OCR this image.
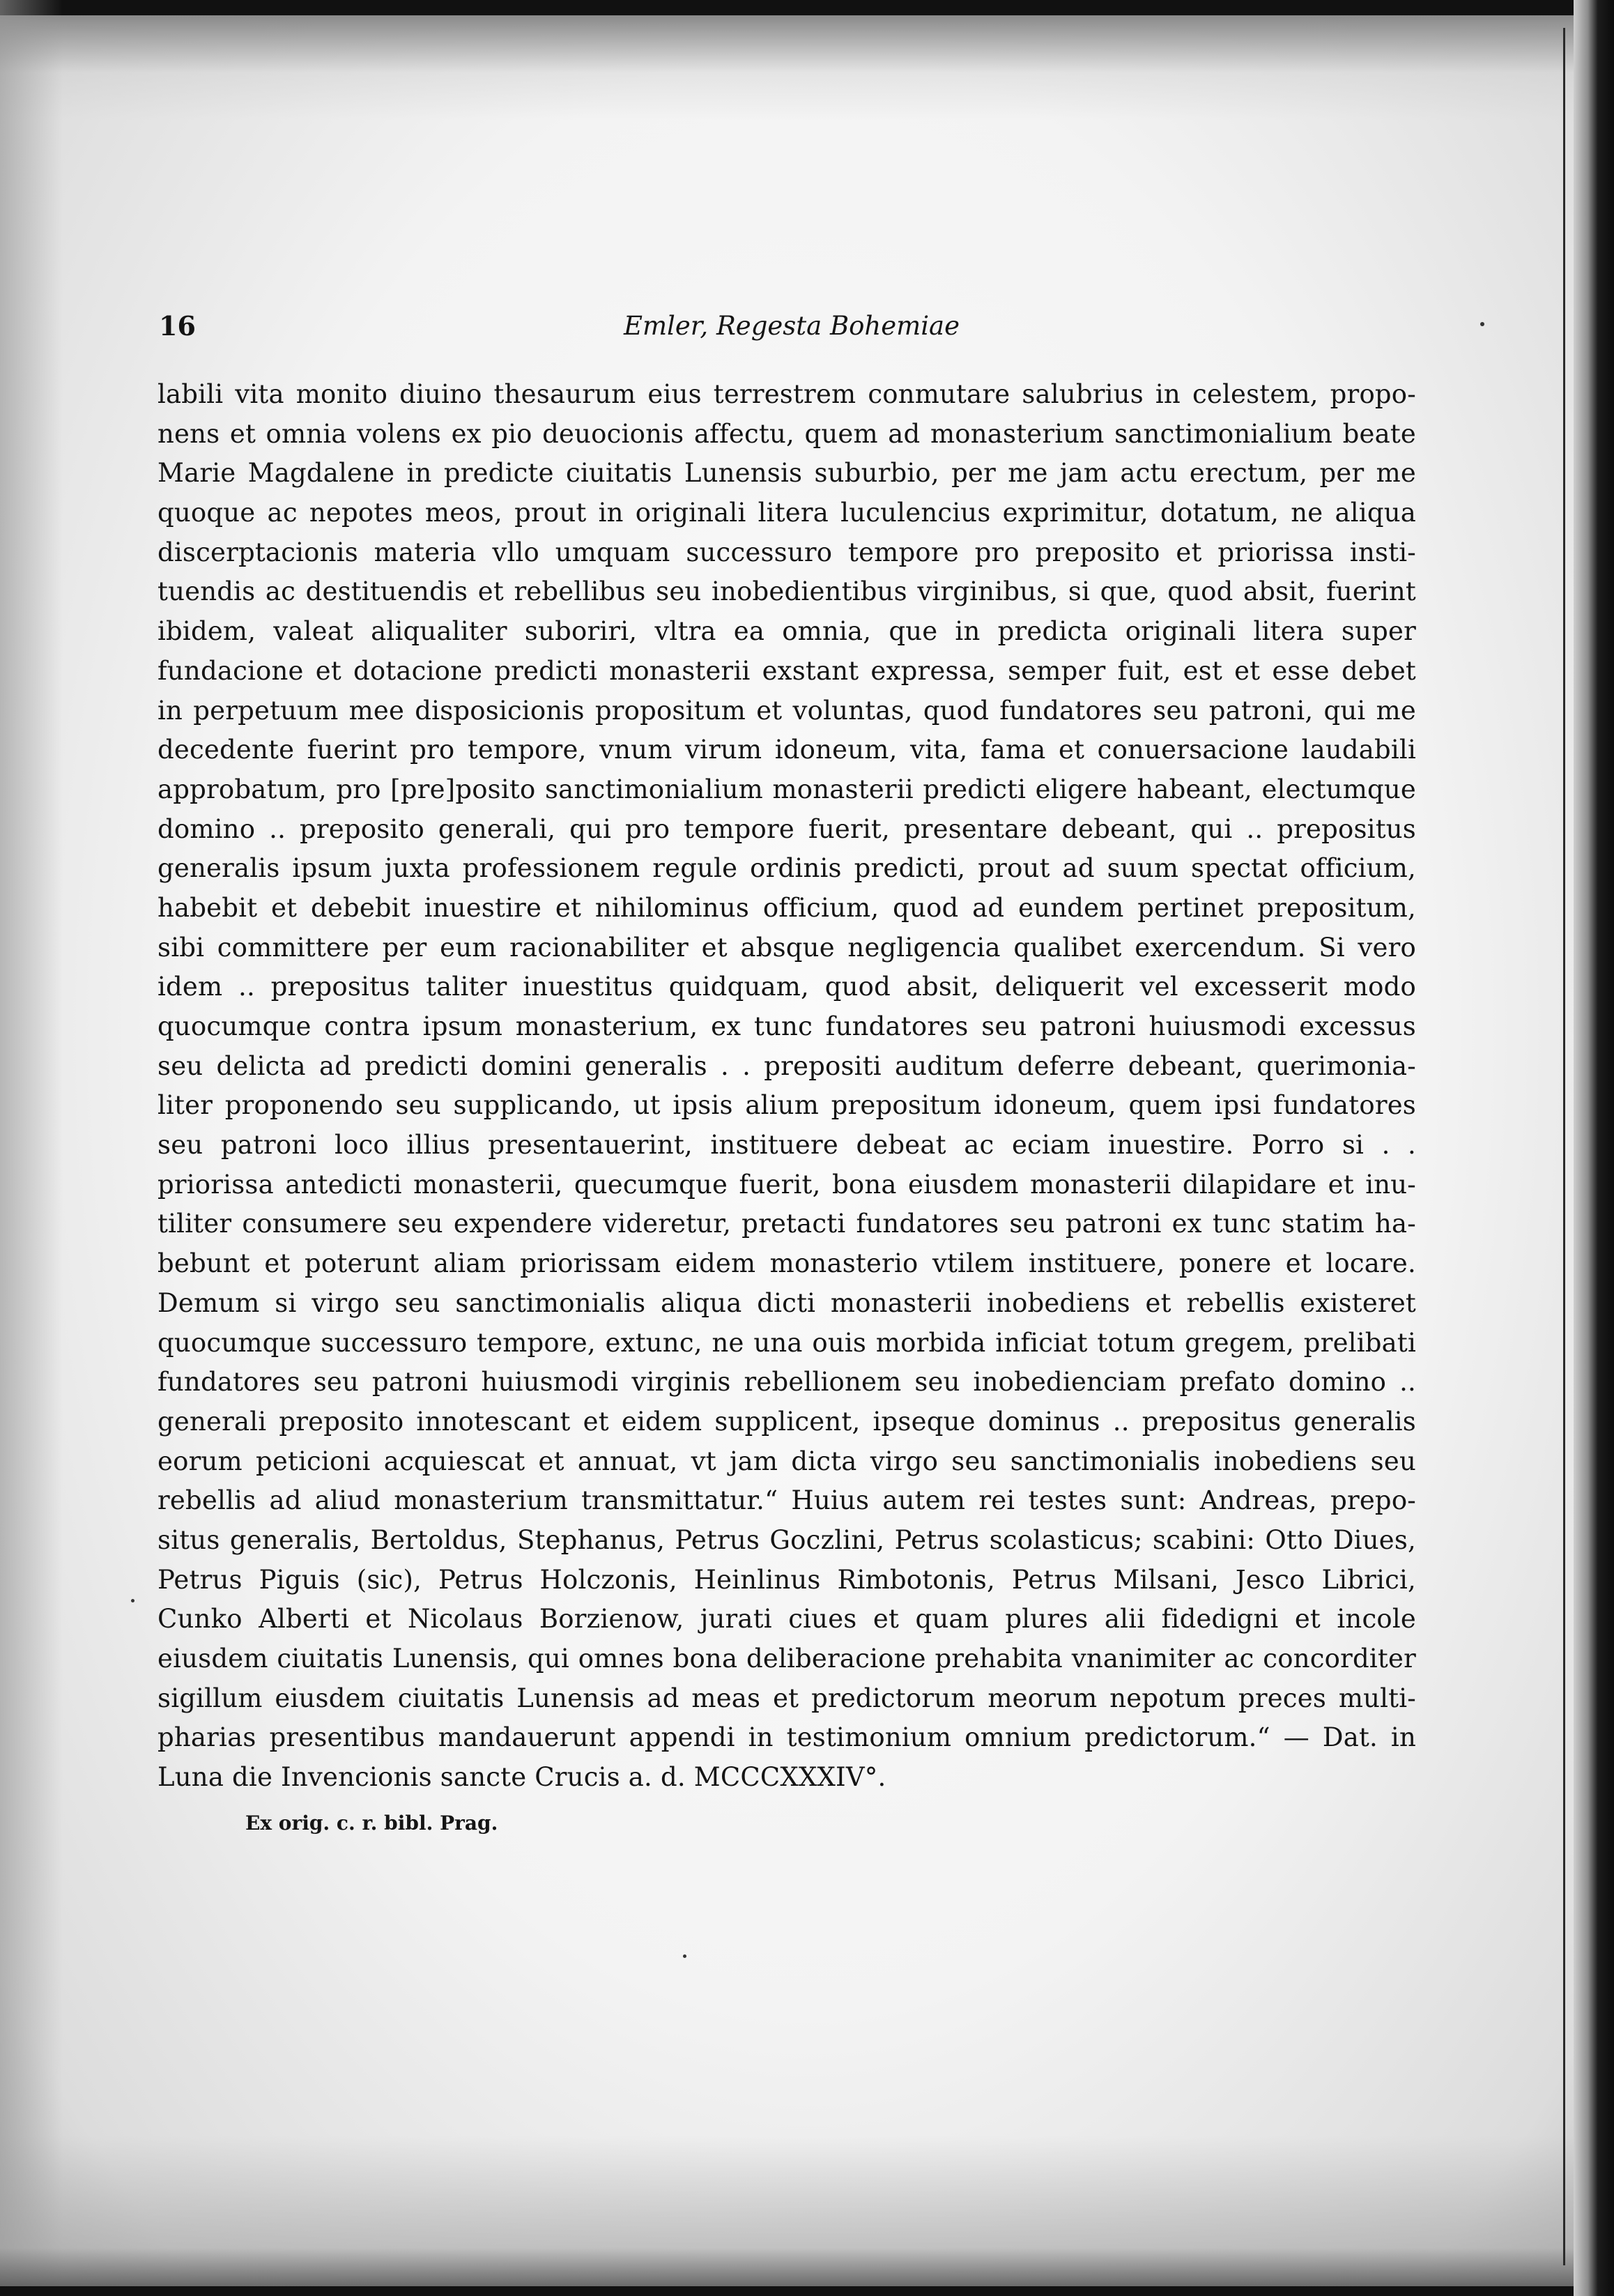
16	Emler, Regesta Bohemiae
labili vita monito diuino thesaurum eius terrestrem conmutare salubrius in celestem, propo-
nens et omnia volens ex pio deuocionis affectu, quem ad monasterium sanctimonialium beate
Marie Magdalene in predicte ciuitatis Lunensis suburbio, per me jam actu erectum, per me
quoque ac nepotes meos, prout in originali litera luculencius exprimitur, dotatum, ne aliqua
discerptacionis materia vllo umquam successuro tempore pro preposito et priorissa insti-
tuendis ac destituendis et rebellibus seu inobedientibus virginibus, si que, quod absit, fuerint
ibidem, valeat aliqualiter suboriri, vltra ea omnia, que in predicta originali litera super
fundacione et dotacione predicti monasterii exstant expressa, semper fuit, est et esse debet
in perpetuum mee disposicionis propositum et voluntas, quod fundatores seu patroni, qui me
decedente fuerint pro tempore, vnum virum idoneum, vita, fama et conuersacione laudabili
approbatum, pro [pre]posito sanctimonialium monasterii predicti eligere habeant, electumque
domino .. preposito generali, qui pro tempore fuerit, presentare debeant, qui .. prepositus
generalis ipsum juxta professionem regule ordinis predicti, prout ad suum spectat officium,
habebit et debebit inuestire et nihilominus officium, quod ad eundem pertinet prepositum,
sibi committere per eum racionabiliter et absque negligencia qualibet exercendum. Si vero
idem .. prepositus taliter inuestitus quidquam, quod absit, deliquerit vel excesserit modo
quocumque contra ipsum monasterium, ex tunc fundatores seu patroni huiusmodi excessus
seu delicta ad predicti domini generalis . . prepositi auditum deferre debeant, querimonia-
liter proponendo seu supplicando, ut ipsis alium prepositum idoneum, quem ipsi fundatores
seu patroni loco illius presentauerint, instituere debeat ac eciam inuestire. Porro si . .
priorissa antedicti monasterii, quecumque fuerit, bona eiusdem monasterii dilapidare et inu-
tiliter consumere seu expendere videretur, pretacti fundatores seu patroni ex tunc statim ha-
bebunt et poterunt aliam priorissam eidem monasterio vtilem instituere, ponere et locare.
Demum si virgo seu sanctimonialis aliqua dicti monasterii inobediens et rebellis existeret
quocumque successuro tempore, extunc, ne una ouis morbida inficiat totum gregem, prelibati
fundatores seu patroni huiusmodi virginis rebellionem seu inobedienciam prefato domino ..
generali preposito innotescant et eidem supplicent, ipseque dominus .. prepositus generalis
eorum peticioni acquiescat et annuat, vt jam dicta virgo seu sanctimonialis inobediens seu
rebellis ad aliud monasterium transmittatur.“ Huius autem rei testes sunt: Andreas, prepo-
situs generalis, Bertoldus, Stephanus, Petrus Goczlini, Petrus scolasticus; scabini: Otto Diues,
Petrus Piguis (sic), Petrus Holczonis, Heinlinus Rimbotonis, Petrus Milsani, Jesco Librici,
Cunko Alberti et Nicolaus Borzienow, jurati ciues et quam plures alii fidedigni et incole
eiusdem ciuitatis Lunensis, qui omnes bona deliberacione prehabita vnanimiter ac concorditer
sigillum eiusdem ciuitatis Lunensis ad meas et predictorum meorum nepotum preces multi-
pharias presentibus mandauerunt appendi in testimonium omnium predictorum.“ — Dat. in
Luna die Invencionis sancte Crucis a. d. MCCCXXXIV°.
Ex orig. c. r. bibl. Prag.
